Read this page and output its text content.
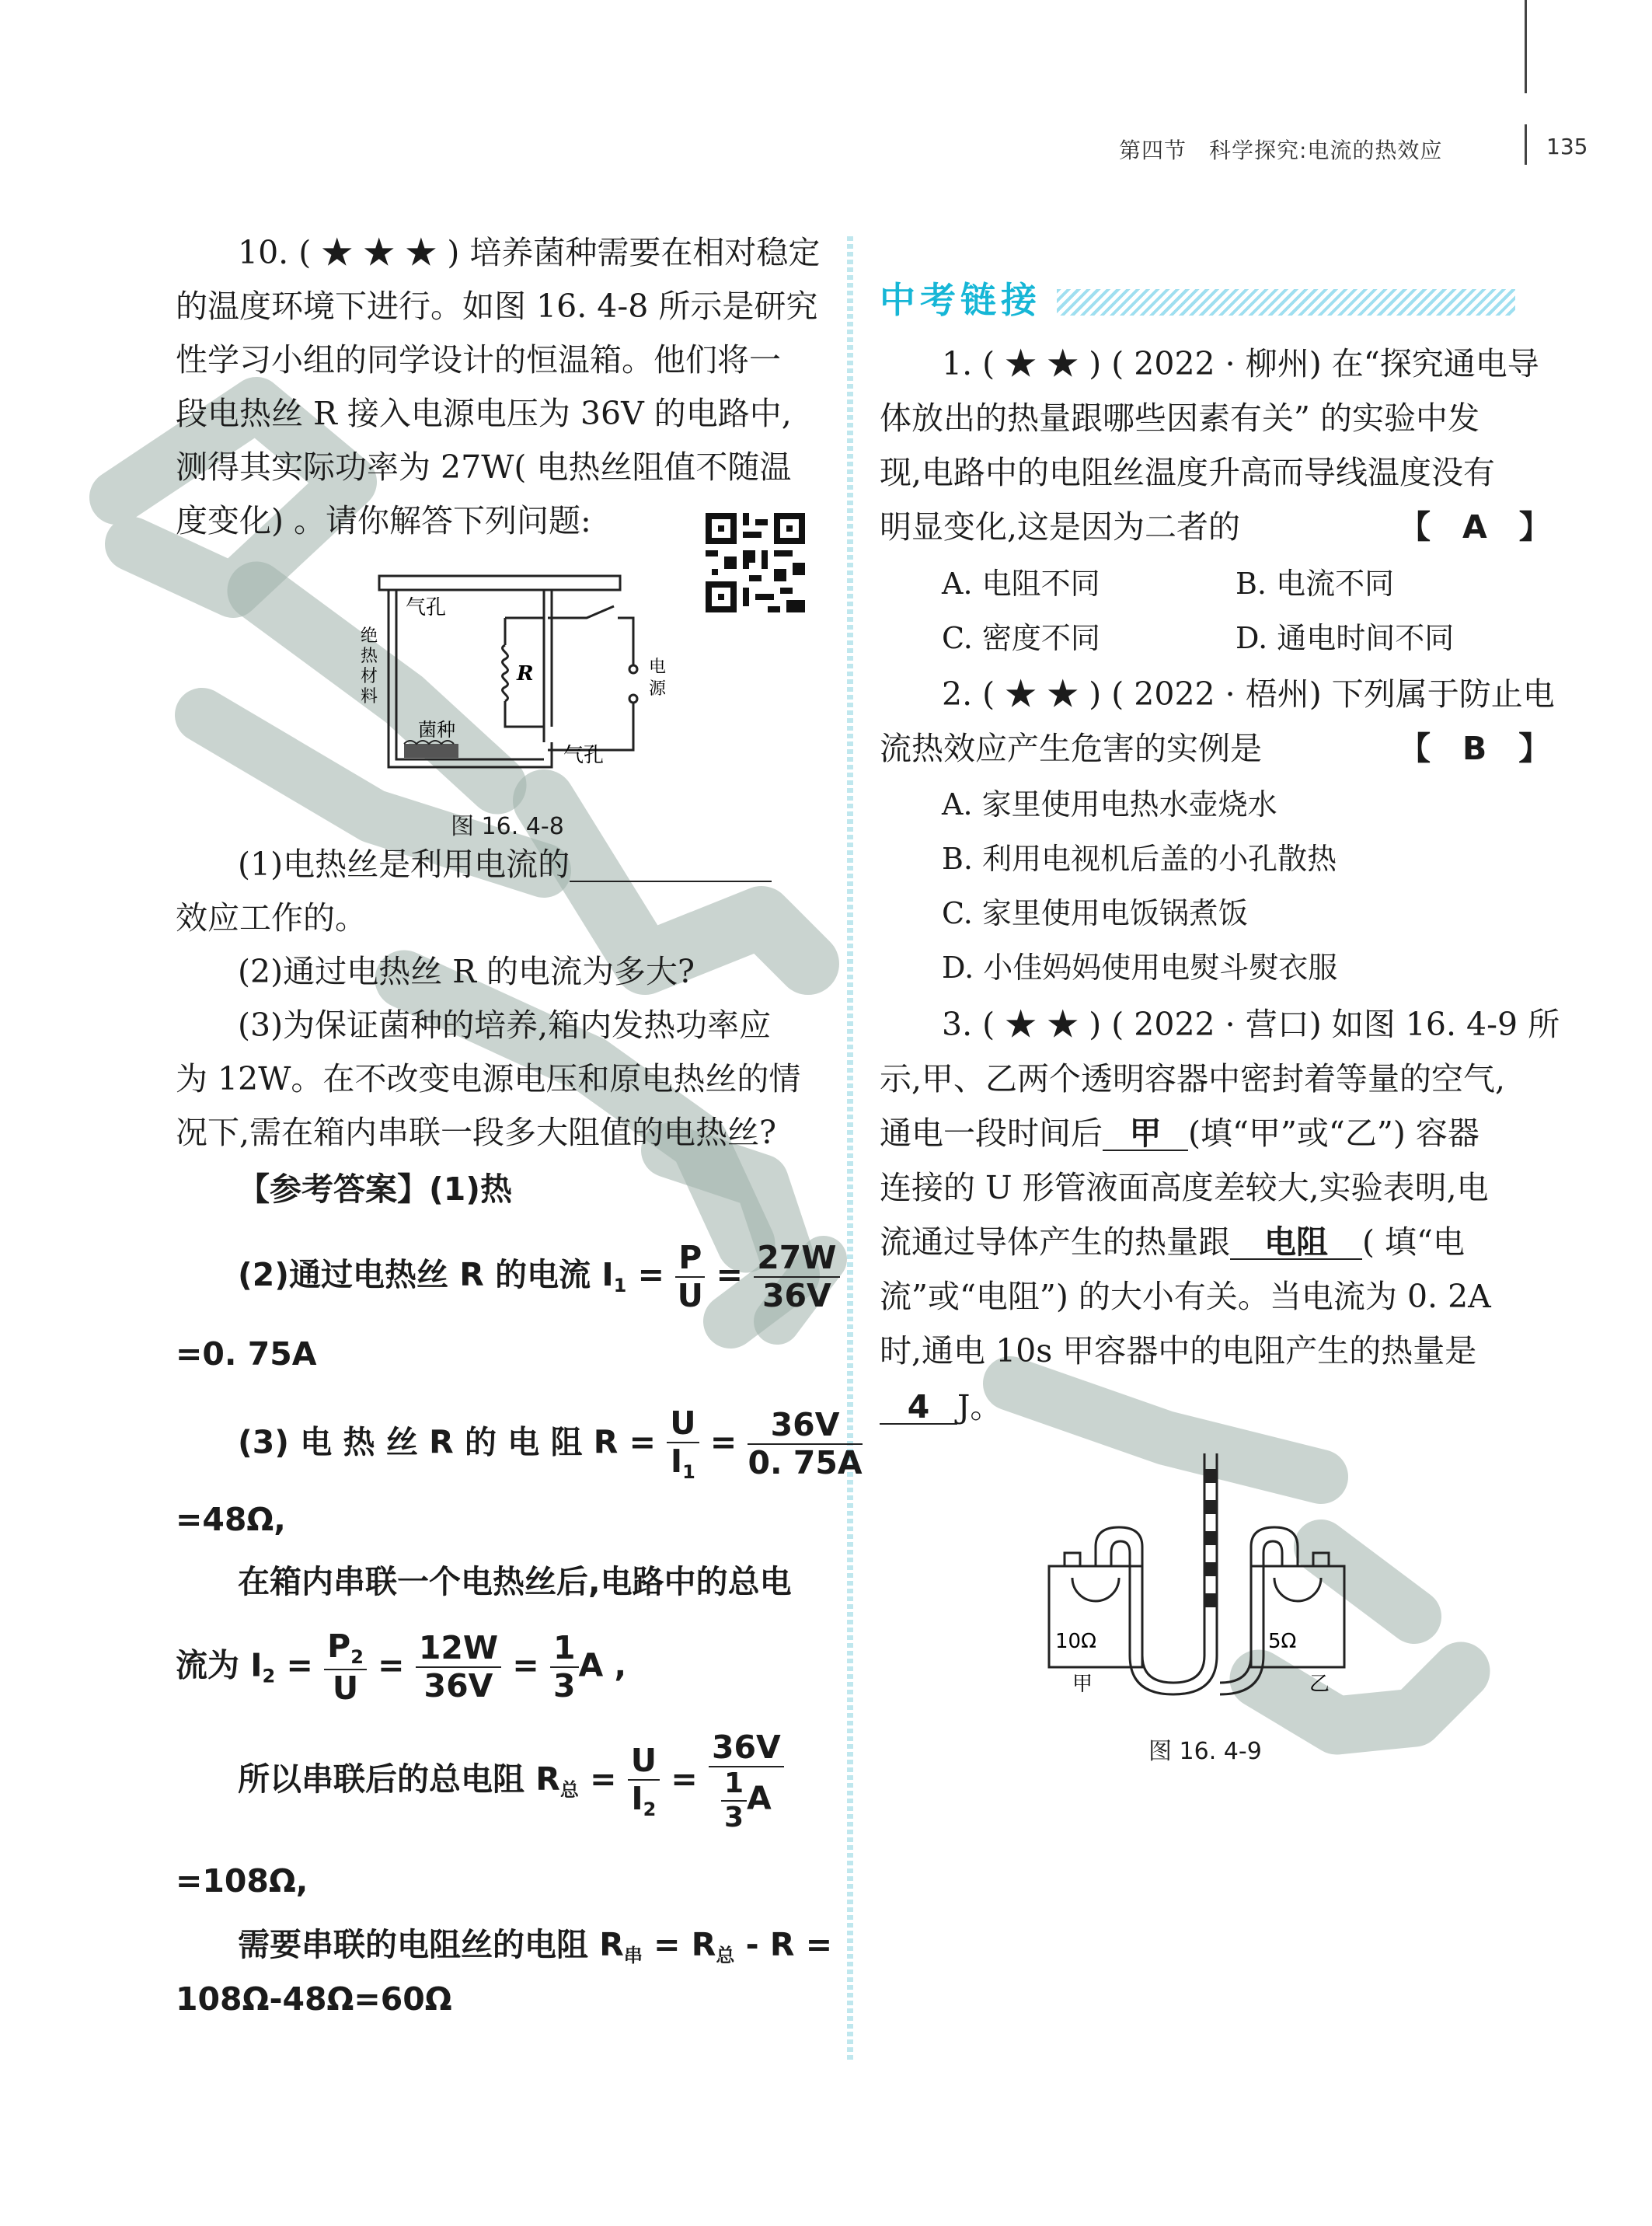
第四节　科学探究:电流的热效应	135
10. ( ★ ★ ★ ) 培养菌种需要在相对稳定
的温度环境下进行。如图 16. 4-8 所示是研究
性学习小组的同学设计的恒温箱。他们将一
段电热丝 R 接入电源电压为 36V 的电路中,
测得其实际功率为 27W( 电热丝阻值不随温
度变化) 。请你解答下列问题:
气孔
绝热材料
R	电源
菌种
气孔
图 16. 4-8
(1)电热丝是利用电流的
效应工作的。
(2)通过电热丝 R 的电流为多大?
(3)为保证菌种的培养,箱内发热功率应
为 12W。在不改变电源电压和原电热丝的情
况下,需在箱内串联一段多大阻值的电热丝?
【参考答案】(1)热
(2)通过电热丝 R 的电流 $I_1 = \frac{P}{U} = \frac{27W}{36V}$
=0. 75A
(3) 电 热 丝 R 的 电 阻 $R = \frac{U}{I_1} = \frac{36V}{0. 75A}$
=48Ω,
在箱内串联一个电热丝后,电路中的总电
流为 $I_2 = \frac{P_2}{U} = \frac{12W}{36V} = \frac{1}{3}$ A ,
所以串联后的总电阻 $R_总 = \frac{U}{I_2} = \frac{36V}{\frac{1}{3} A}$
=108Ω,
需要串联的电阻丝的电阻 $R_串 = R_总 - R$ =
108Ω-48Ω=60Ω
中考链接
1. ( ★ ★ ) ( 2022 · 柳州) 在“探究通电导
体放出的热量跟哪些因素有关” 的实验中发
现,电路中的电阻丝温度升高而导线温度没有
明显变化,这是因为二者的	【　A　】
A. 电阻不同	B. 电流不同
C. 密度不同	D. 通电时间不同
2. ( ★ ★ ) ( 2022 · 梧州) 下列属于防止电
流热效应产生危害的实例是	【　B　】
A. 家里使用电热水壶烧水
B. 利用电视机后盖的小孔散热
C. 家里使用电饭锅煮饭
D. 小佳妈妈使用电熨斗熨衣服
3. ( ★ ★ ) ( 2022 · 营口) 如图 16. 4-9 所
示,甲、乙两个透明容器中密封着等量的空气,
通电一段时间后 甲 (填“甲”或“乙”) 容器
连接的 U 形管液面高度差较大,实验表明,电
流通过导体产生的热量跟 电阻 ( 填“电
流”或“电阻”) 的大小有关。当电流为 0. 2A
时,通电 10s 甲容器中的电阻产生的热量是
4 J。
10Ω	5Ω
甲	乙
图 16. 4-9
